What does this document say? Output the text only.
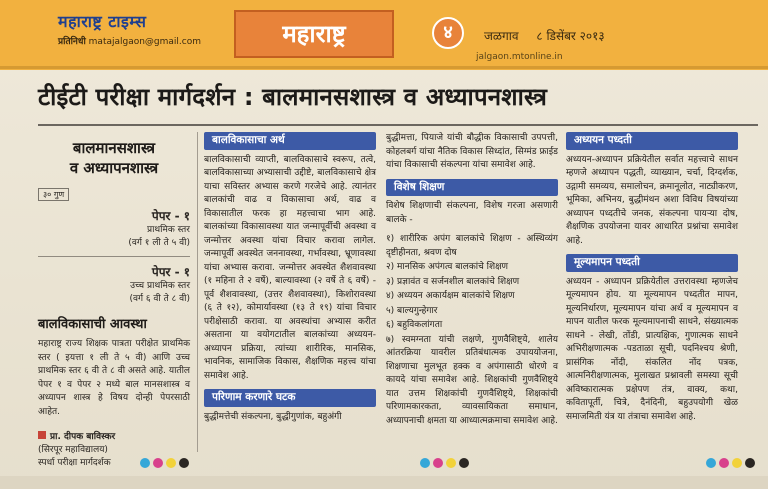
महाराष्ट्र टाइम्स
प्रतिनिधी matajalgaon@gmail.com	महाराष्ट्र	४	जळगाव ८ डिसेंबर २०१३
jalgaon.mtonline.in
टीईटी परीक्षा मार्गदर्शन : बालमानसशास्त्र व अध्यापनशास्त्र
बालमानसशास्त्र
व अध्यापनशास्त्र
३० गुण
पेपर - १
प्राथमिक स्तर
(वर्ग १ ली ते ५ वी)
पेपर - १
उच्च प्राथमिक स्तर
(वर्ग ६ वी ते ८ वी)
बालविकासाची आवस्था
महाराष्ट्र राज्य शिक्षक पात्रता परीक्षेत प्राथमिक स्तर ( इयत्ता १ ली ते ५ वी) आणि उच्च प्राथमिक स्तर ६ वी ते ८ वी असते आहे. यातील पेपर १ व पेपर २ मध्ये बाल मानसशास्त्र व अध्यापन शास्त्र हे विषय दोन्ही पेपरसाठी आहेत.
प्रा. दीपक बाविस्कर
(सिरपूर महाविद्यालय)
स्पर्धा परीक्षा मार्गदर्शक
बालविकासाचा अर्थ
बालविकासाची व्याप्ती, बालविकासाचे स्वरूप, तत्वे, बालविकासाच्या अभ्यासाची उद्दीष्टे, बालविकासाचे क्षेत्र याचा सविस्तर अभ्यास करणे गरजेचे आहे. त्यानंतर बालकांची वाढ व विकासाचा अर्थ, वाढ व विकासातील फरक हा महत्त्वाचा भाग आहे. बालकांच्या विकासावस्था यात जन्मापूर्वीची अवस्था व जन्मोत्तर अवस्था यांचा विचार करावा लागेल. जन्मापूर्वी अवस्थेत जननावस्था, गर्भावस्था, भ्रूणावस्था यांचा अभ्यास करावा. जन्मोत्तर अवस्थेत शैशवावस्था (१ महिना ते २ वर्षे), बाल्यावस्था (२ वर्षे ते ६ वर्षे) - पूर्व शैशवावस्था, (उत्तर शैशवावस्था), किशोरावस्था (६ ते १२), कोमार्यावस्था (१३ ते १९) यांचा विचार परीक्षेसाठी करावा. या अवस्थांचा अभ्यास करीत असताना या वयोगटातील बालकांच्या अध्ययन-अध्यापन प्रक्रिया, त्यांच्या शारीरिक, मानसिक, भावनिक, सामाजिक विकास, शैक्षणिक महत्त्व यांचा समावेश आहे.
परिणाम करणारे घटक
बुद्धीमत्तेची संकल्पना, बुद्धीगुणांक, बहुअंगी
बुद्धीमत्ता, पियाजे यांची बौद्धीक विकासाची उपपत्ती, कोहलबर्ग यांचा नैतिक विकास सिध्दांत, सिग्मंड फ्राईड यांचा विकासाची संकल्पना यांचा समावेश आहे.
विशेष शिक्षण
विशेष शिक्षणाची संकल्पना, विशेष गरजा असणारी बालके -
१) शारीरिक अपंग बालकांचे शिक्षण - अस्थिव्यंग दृष्टीहीनता, श्रवण दोष
२) मानसिक अपंगत्व बालकांचे शिक्षण
३) प्रज्ञावंत व सर्जनशील बालकांचे शिक्षण
४) अध्ययन अकार्यक्षम बालकांचे शिक्षण
५) बाल्यगुन्हेगार
६) बहुविकलांगता
७) स्वमग्नता यांची लक्षणे, गुणवैशिष्ट्ये, शालेय आंतरक्रिया यावरील प्रतिबंधात्मक उपाययोजना, शिक्षणाचा मुलभूत हक्क व अपंगासाठी धोरणे व कायदे यांचा समावेश आहे. शिक्षकांची गुणवैशिष्ट्ये यात उत्तम शिक्षकांची गुणवैशिष्ट्ये, शिक्षकांची परिणामकारकता, व्यावसायिकता समाधान, अध्यापनाची क्षमता या आध्यात्मक्रमाचा समावेश आहे.
अध्ययन पध्दती
अध्ययन-अध्यापन प्रक्रियेतील सर्वात महत्त्वाचे साधन म्हणजे अध्यापन पद्धती, व्याख्यान, चर्चा, दिग्दर्शक, उद्गामी समव्यय, समालोचन, क्रमानूलोत, नाट्यीकरण, भूमिका, अभिनय, बुद्धीमंथन अशा विविध विषयांच्या अध्यापन पध्दतीचे जनक, संकल्पना पायऱ्या दोष, शैक्षणिक उपयोजना यावर आधारित प्रश्नांचा समावेश आहे.
मूल्यमापन पध्दती
अध्ययन - अध्यापन प्रक्रियेतील उत्तरावस्था म्हणजेच मूल्यमापन होय. या मूल्यमापन पध्दतीत मापन, मूल्यनिर्धारण, मूल्यमापन यांचा अर्थ व मूल्यमापन व मापन यातील फरक मूल्यमापनाची साधने, संख्यात्मक साधने - लेखी, तोंडी, प्रात्यक्षिक, गुणात्मक साधने अभिरीक्षणात्मक -पडताळा सूची, पदनिश्चय श्रेणी, प्रासंगिक नोंदी, संकलित नोंद पत्रक, आत्मनिरीक्षणात्मक, मुलाखत प्रश्नावली समस्या सूची अविष्कारात्मक प्रक्षेपण तंत्र, वाक्य, कथा, कवितापूर्ती, चित्रे, दैनंदिनी, बहुउपयोगी खेळ समाजमिती यंत्र या तंत्राचा समावेश आहे.
